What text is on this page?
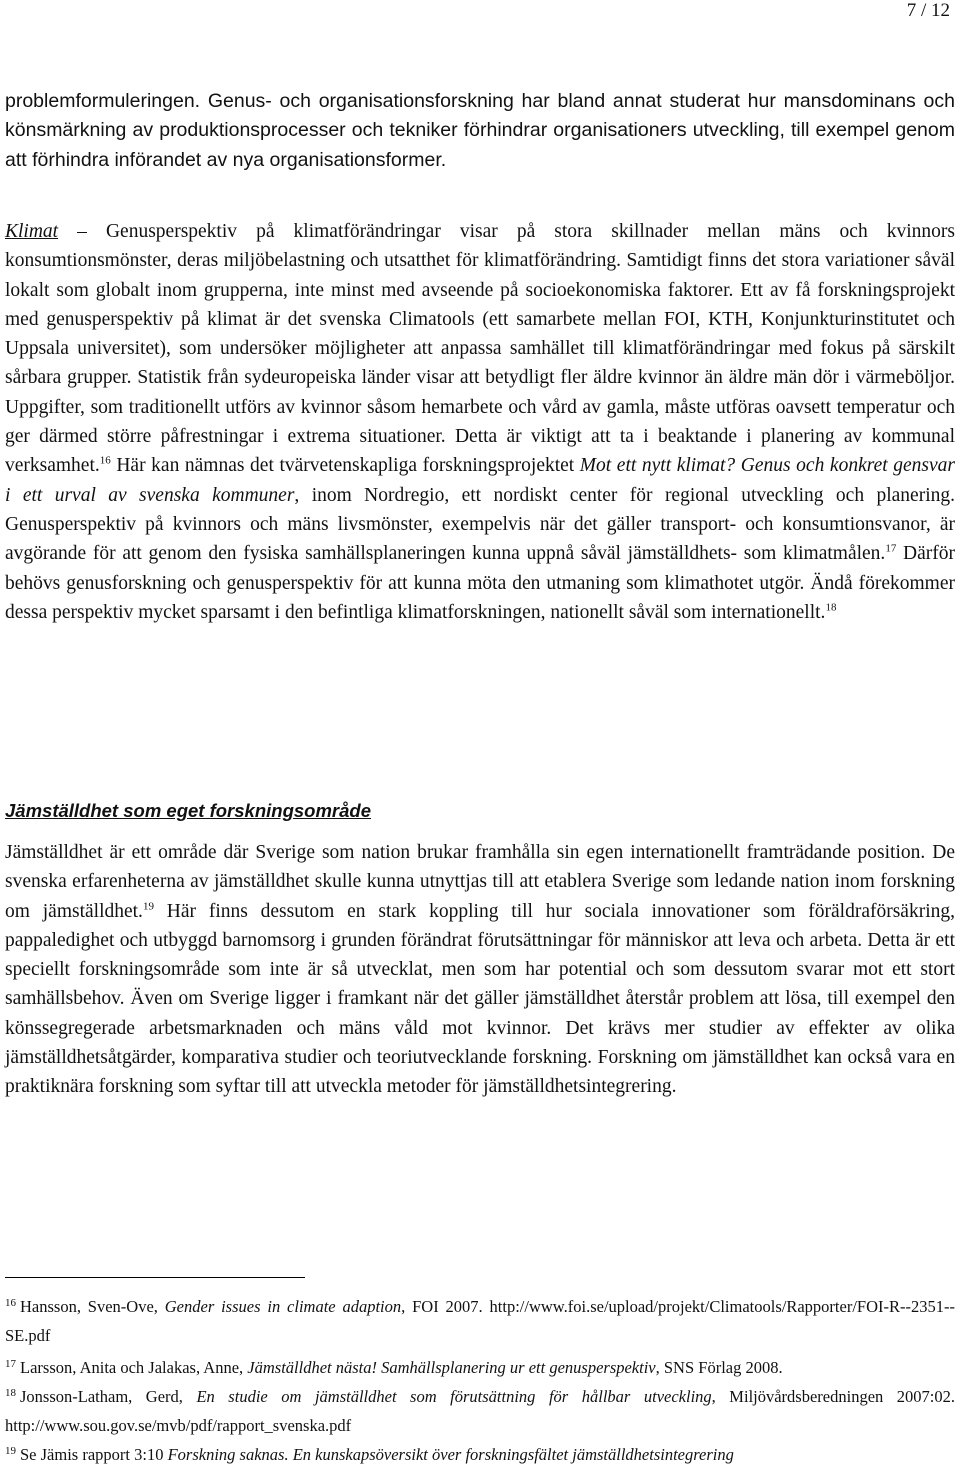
7 / 12

problemformuleringen. Genus- och organisationsforskning har bland annat studerat hur mansdominans och könsmärkning av produktionsprocesser och tekniker förhindrar organisationers utveckling, till exempel genom att förhindra införandet av nya organisationsformer.

Klimat – Genusperspektiv på klimatförändringar visar på stora skillnader mellan mäns och kvinnors konsumtionsmönster, deras miljöbelastning och utsatthet för klimatförändring. Samtidigt finns det stora variationer såväl lokalt som globalt inom grupperna, inte minst med avseende på socioekonomiska faktorer. Ett av få forskningsprojekt med genusperspektiv på klimat är det svenska Climatools (ett samarbete mellan FOI, KTH, Konjunkturinstitutet och Uppsala universitet), som undersöker möjligheter att anpassa samhället till klimatförändringar med fokus på särskilt sårbara grupper. Statistik från sydeuropeiska länder visar att betydligt fler äldre kvinnor än äldre män dör i värmeböljor. Uppgifter, som traditionellt utförs av kvinnor såsom hemarbete och vård av gamla, måste utföras oavsett temperatur och ger därmed större påfrestningar i extrema situationer. Detta är viktigt att ta i beaktande i planering av kommunal verksamhet.$^{16}$ Här kan nämnas det tvärvetenskapliga forskningsprojektet Mot ett nytt klimat? Genus och konkret gensvar i ett urval av svenska kommuner, inom Nordregio, ett nordiskt center för regional utveckling och planering. Genusperspektiv på kvinnors och mäns livsmönster, exempelvis när det gäller transport- och konsumtionsvanor, är avgörande för att genom den fysiska samhällsplaneringen kunna uppnå såväl jämställdhets- som klimatmålen.$^{17}$ Därför behövs genusforskning och genusperspektiv för att kunna möta den utmaning som klimathotet utgör. Ändå förekommer dessa perspektiv mycket sparsamt i den befintliga klimatforskningen, nationellt såväl som internationellt.$^{18}$

Jämställdhet som eget forskningsområde

Jämställdhet är ett område där Sverige som nation brukar framhålla sin egen internationellt framträdande position. De svenska erfarenheterna av jämställdhet skulle kunna utnyttjas till att etablera Sverige som ledande nation inom forskning om jämställdhet.$^{19}$ Här finns dessutom en stark koppling till hur sociala innovationer som föräldraförsäkring, pappaledighet och utbyggd barnomsorg i grunden förändrat förutsättningar för människor att leva och arbeta. Detta är ett speciellt forskningsområde som inte är så utvecklat, men som har potential och som dessutom svarar mot ett stort samhällsbehov. Även om Sverige ligger i framkant när det gäller jämställdhet återstår problem att lösa, till exempel den könssegregerade arbetsmarknaden och mäns våld mot kvinnor. Det krävs mer studier av effekter av olika jämställdhetsåtgärder, komparativa studier och teoriutvecklande forskning. Forskning om jämställdhet kan också vara en praktiknära forskning som syftar till att utveckla metoder för jämställdhetsintegrering.

$^{16}$ Hansson, Sven-Ove, Gender issues in climate adaption, FOI 2007. http://www.foi.se/upload/projekt/Climatools/Rapporter/FOI-R--2351--SE.pdf

$^{17}$ Larsson, Anita och Jalakas, Anne, Jämställdhet nästa! Samhällsplanering ur ett genusperspektiv, SNS Förlag 2008.

$^{18}$ Jonsson-Latham, Gerd, En studie om jämställdhet som förutsättning för hållbar utveckling, Miljövårdsberedningen 2007:02. http://www.sou.gov.se/mvb/pdf/rapport_svenska.pdf

$^{19}$ Se Jämis rapport 3:10 Forskning saknas. En kunskapsöversikt över forskningsfältet jämställdhetsintegrering
